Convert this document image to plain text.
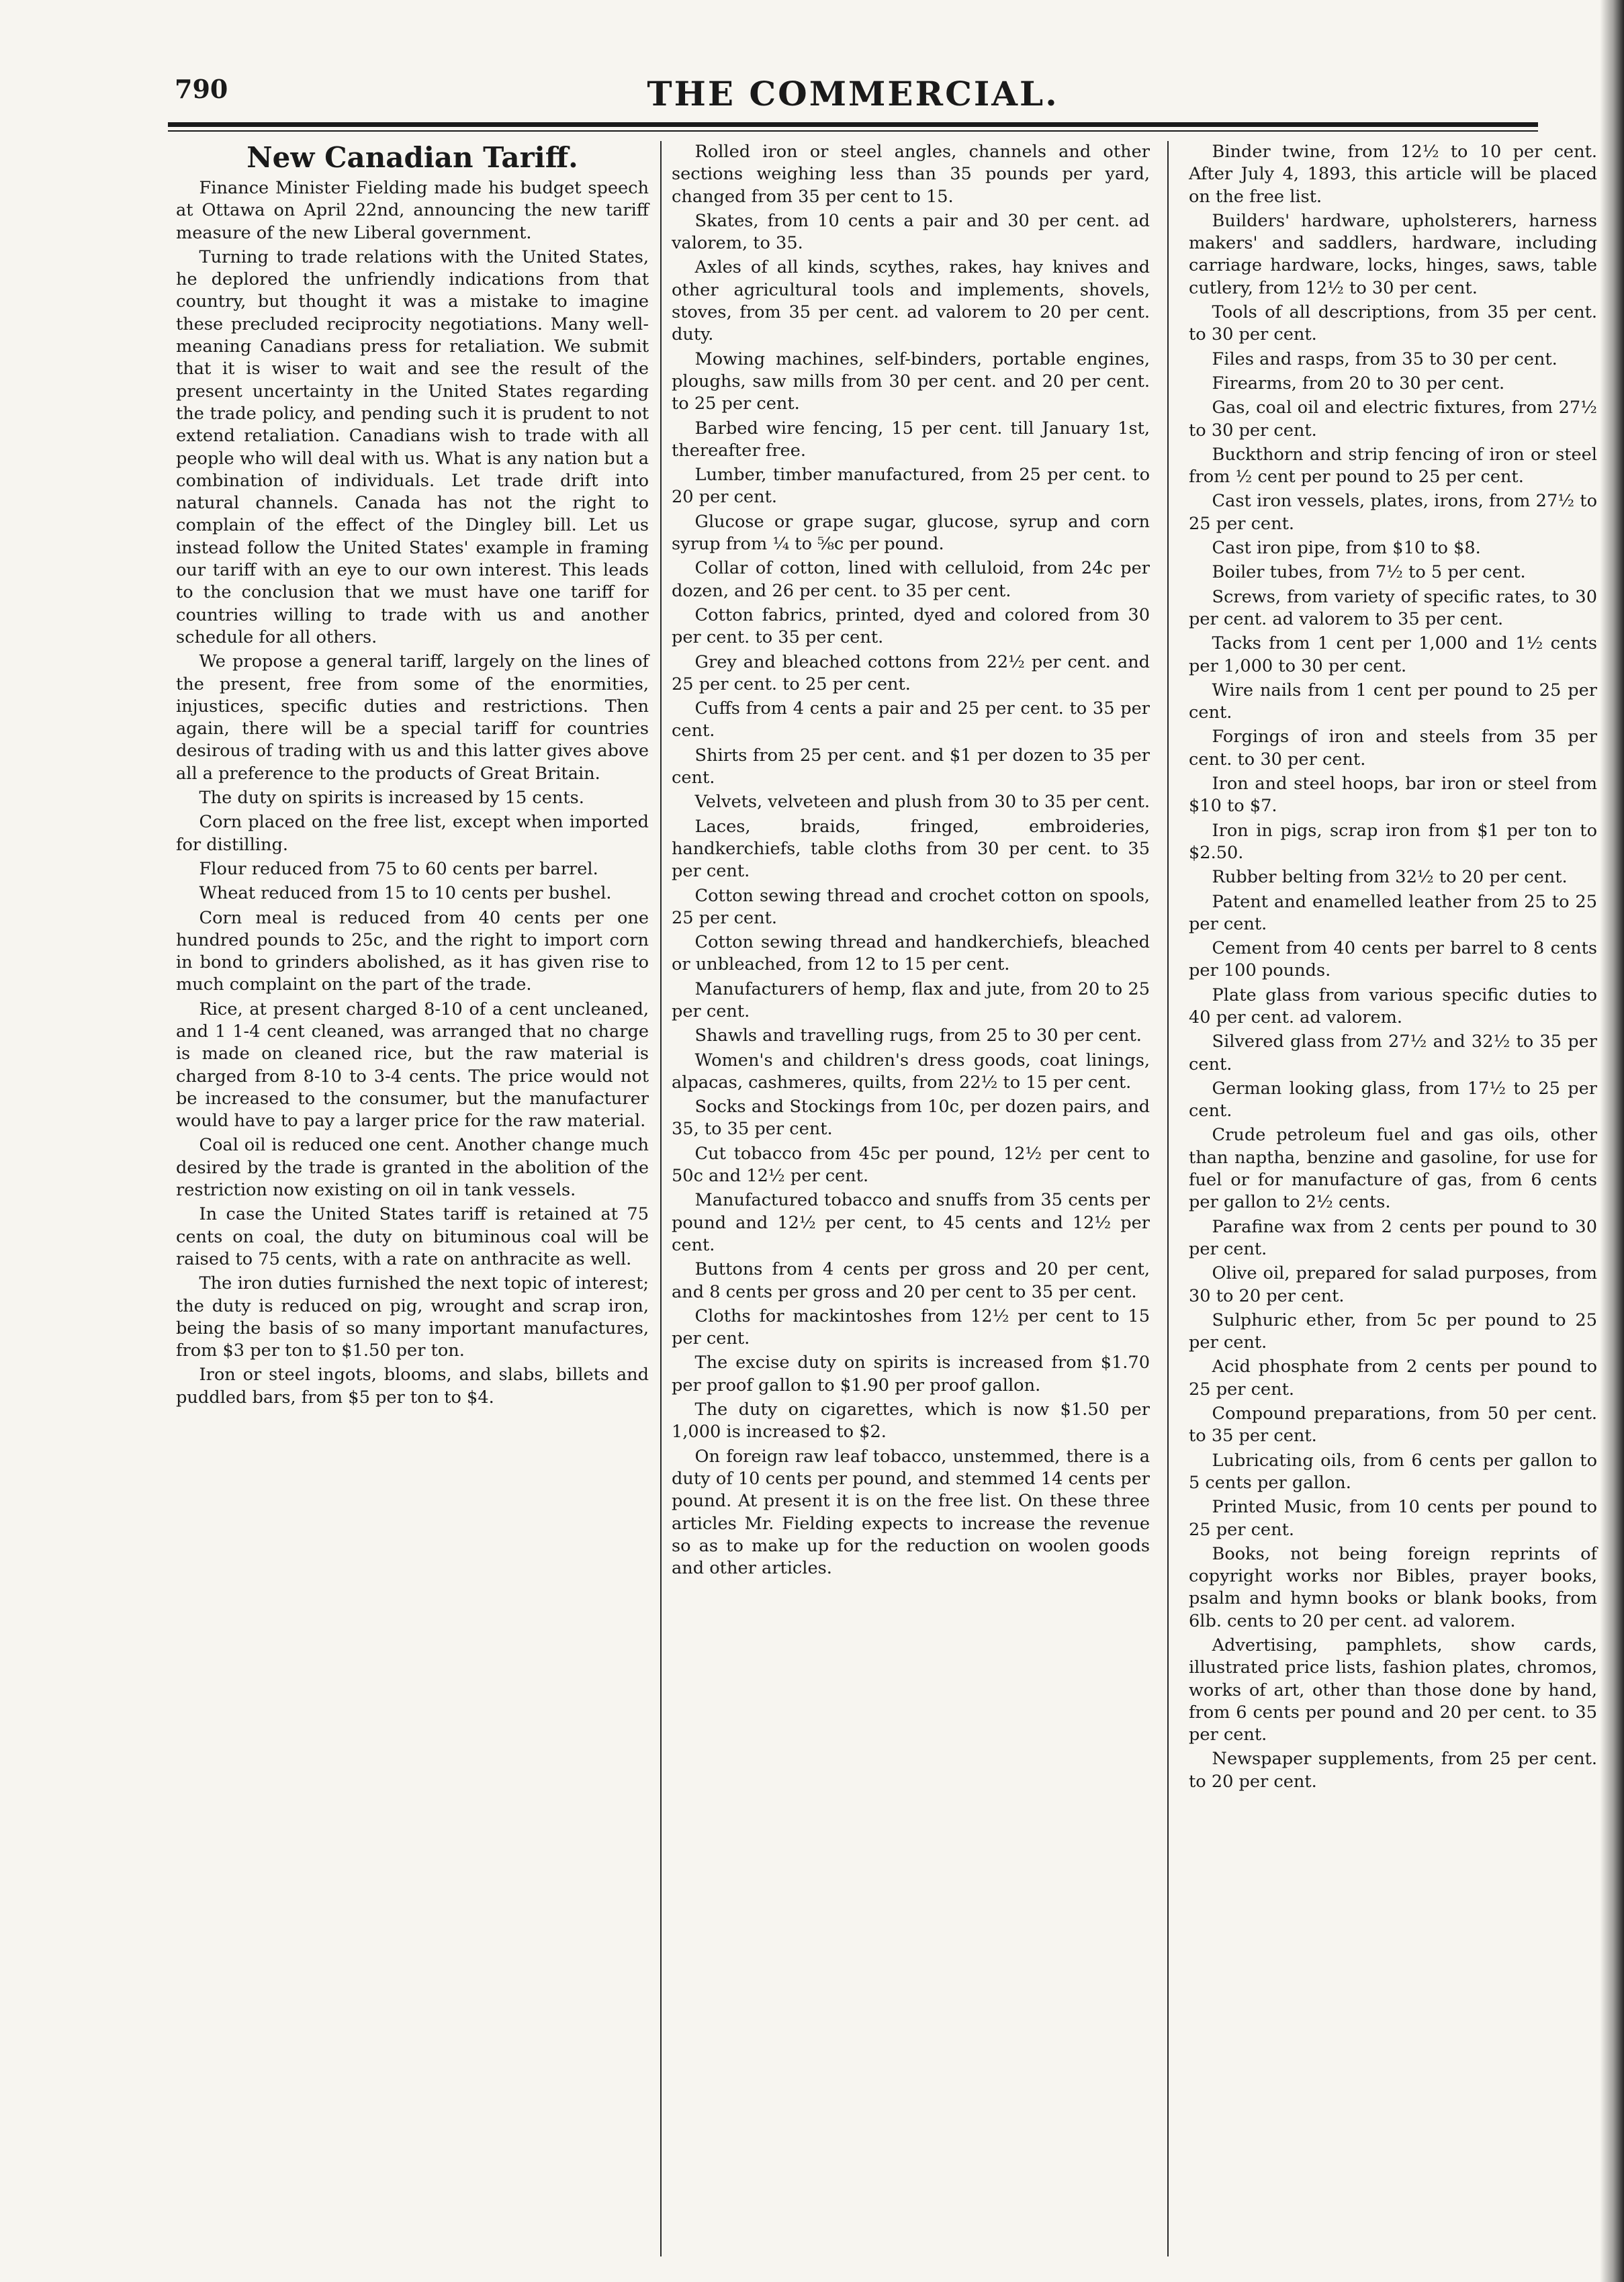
790	THE COMMERCIAL.
New Canadian Tariff.

Finance Minister Fielding made his budget speech at Ottawa on April 22nd, announcing the new tariff measure of the new Liberal government.

Turning to trade relations with the United States, he deplored the unfriendly indications from that country, but thought it was a mistake to imagine these precluded reciprocity negotiations. Many well-meaning Canadians press for retaliation. We submit that it is wiser to wait and see the result of the present uncertainty in the United States regarding the trade policy, and pending such it is prudent to not extend retaliation. Canadians wish to trade with all people who will deal with us. What is any nation but a combination of individuals. Let trade drift into natural channels. Canada has not the right to complain of the effect of the Dingley bill. Let us instead follow the United States' example in framing our tariff with an eye to our own interest. This leads to the conclusion that we must have one tariff for countries willing to trade with us and another schedule for all others.

We propose a general tariff, largely on the lines of the present, free from some of the enormities, injustices, specific duties and restrictions. Then again, there will be a special tariff for countries desirous of trading with us and this latter gives above all a preference to the products of Great Britain.

The duty on spirits is increased by 15 cents.

Corn placed on the free list, except when imported for distilling.

Flour reduced from 75 to 60 cents per barrel.

Wheat reduced from 15 to 10 cents per bushel.

Corn meal is reduced from 40 cents per one hundred pounds to 25c, and the right to import corn in bond to grinders abolished, as it has given rise to much complaint on the part of the trade.

Rice, at present charged 8-10 of a cent uncleaned, and 1 1-4 cent cleaned, was arranged that no charge is made on cleaned rice, but the raw material is charged from 8-10 to 3-4 cents. The price would not be increased to the consumer, but the manufacturer would have to pay a larger price for the raw material.

Coal oil is reduced one cent. Another change much desired by the trade is granted in the abolition of the restriction now existing on oil in tank vessels.

In case the United States tariff is retained at 75 cents on coal, the duty on bituminous coal will be raised to 75 cents, with a rate on anthracite as well.

The iron duties furnished the next topic of interest; the duty is reduced on pig, wrought and scrap iron, being the basis of so many important manufactures, from $3 per ton to $1.50 per ton.

Iron or steel ingots, blooms, and slabs, billets and puddled bars, from $5 per ton to $4.

Rolled iron or steel angles, channels and other sections weighing less than 35 pounds per yard, changed from 35 per cent to 15.

Skates, from 10 cents a pair and 30 per cent. ad valorem, to 35.

Axles of all kinds, scythes, rakes, hay knives and other agricultural tools and implements, shovels, stoves, from 35 per cent. ad valorem to 20 per cent. duty.

Mowing machines, self-binders, portable engines, ploughs, saw mills from 30 per cent. and 20 per cent. to 25 per cent.

Barbed wire fencing, 15 per cent. till January 1st, thereafter free.

Lumber, timber manufactured, from 25 per cent. to 20 per cent.

Glucose or grape sugar, glucose, syrup and corn syrup from ¼ to ⅝c per pound.

Collar of cotton, lined with celluloid, from 24c per dozen, and 26 per cent. to 35 per cent.

Cotton fabrics, printed, dyed and colored from 30 per cent. to 35 per cent.

Grey and bleached cottons from 22½ per cent. and 25 per cent. to 25 per cent.

Cuffs from 4 cents a pair and 25 per cent. to 35 per cent.

Shirts from 25 per cent. and $1 per dozen to 35 per cent.

Velvets, velveteen and plush from 30 to 35 per cent.

Laces, braids, fringed, embroideries, handkerchiefs, table cloths from 30 per cent. to 35 per cent.

Cotton sewing thread and crochet cotton on spools, 25 per cent.

Cotton sewing thread and handkerchiefs, bleached or unbleached, from 12 to 15 per cent.

Manufacturers of hemp, flax and jute, from 20 to 25 per cent.

Shawls and travelling rugs, from 25 to 30 per cent.

Women's and children's dress goods, coat linings, alpacas, cashmeres, quilts, from 22½ to 15 per cent.

Socks and Stockings from 10c, per dozen pairs, and 35, to 35 per cent.

Cut tobacco from 45c per pound, 12½ per cent to 50c and 12½ per cent.

Manufactured tobacco and snuffs from 35 cents per pound and 12½ per cent, to 45 cents and 12½ per cent.

Buttons from 4 cents per gross and 20 per cent, and 8 cents per gross and 20 per cent to 35 per cent.

Cloths for mackintoshes from 12½ per cent to 15 per cent.

The excise duty on spirits is increased from $1.70 per proof gallon to $1.90 per proof gallon.

The duty on cigarettes, which is now $1.50 per 1,000 is increased to $2.

On foreign raw leaf tobacco, unstemmed, there is a duty of 10 cents per pound, and stemmed 14 cents per pound. At present it is on the free list. On these three articles Mr. Fielding expects to increase the revenue so as to make up for the reduction on woolen goods and other articles.

Binder twine, from 12½ to 10 per cent. After July 4, 1893, this article will be placed on the free list.

Builders' hardware, upholsterers, harness makers' and saddlers, hardware, including carriage hardware, locks, hinges, saws, table cutlery, from 12½ to 30 per cent.

Tools of all descriptions, from 35 per cent. to 30 per cent.

Files and rasps, from 35 to 30 per cent.

Firearms, from 20 to 30 per cent.

Gas, coal oil and electric fixtures, from 27½ to 30 per cent.

Buckthorn and strip fencing of iron or steel from ½ cent per pound to 25 per cent.

Cast iron vessels, plates, irons, from 27½ to 25 per cent.

Cast iron pipe, from $10 to $8.

Boiler tubes, from 7½ to 5 per cent.

Screws, from variety of specific rates, to 30 per cent. ad valorem to 35 per cent.

Tacks from 1 cent per 1,000 and 1½ cents per 1,000 to 30 per cent.

Wire nails from 1 cent per pound to 25 per cent.

Forgings of iron and steels from 35 per cent. to 30 per cent.

Iron and steel hoops, bar iron or steel from $10 to $7.

Iron in pigs, scrap iron from $1 per ton to $2.50.

Rubber belting from 32½ to 20 per cent.

Patent and enamelled leather from 25 to 25 per cent.

Cement from 40 cents per barrel to 8 cents per 100 pounds.

Plate glass from various specific duties to 40 per cent. ad valorem.

Silvered glass from 27½ and 32½ to 35 per cent.

German looking glass, from 17½ to 25 per cent.

Crude petroleum fuel and gas oils, other than naptha, benzine and gasoline, for use for fuel or for manufacture of gas, from 6 cents per gallon to 2½ cents.

Parafine wax from 2 cents per pound to 30 per cent.

Olive oil, prepared for salad purposes, from 30 to 20 per cent.

Sulphuric ether, from 5c per pound to 25 per cent.

Acid phosphate from 2 cents per pound to 25 per cent.

Compound preparations, from 50 per cent. to 35 per cent.

Lubricating oils, from 6 cents per gallon to 5 cents per gallon.

Printed Music, from 10 cents per pound to 25 per cent.

Books, not being foreign reprints of copyright works nor Bibles, prayer books, psalm and hymn books or blank books, from 6lb. cents to 20 per cent. ad valorem.

Advertising, pamphlets, show cards, illustrated price lists, fashion plates, chromos, works of art, other than those done by hand, from 6 cents per pound and 20 per cent. to 35 per cent.

Newspaper supplements, from 25 per cent. to 20 per cent.
